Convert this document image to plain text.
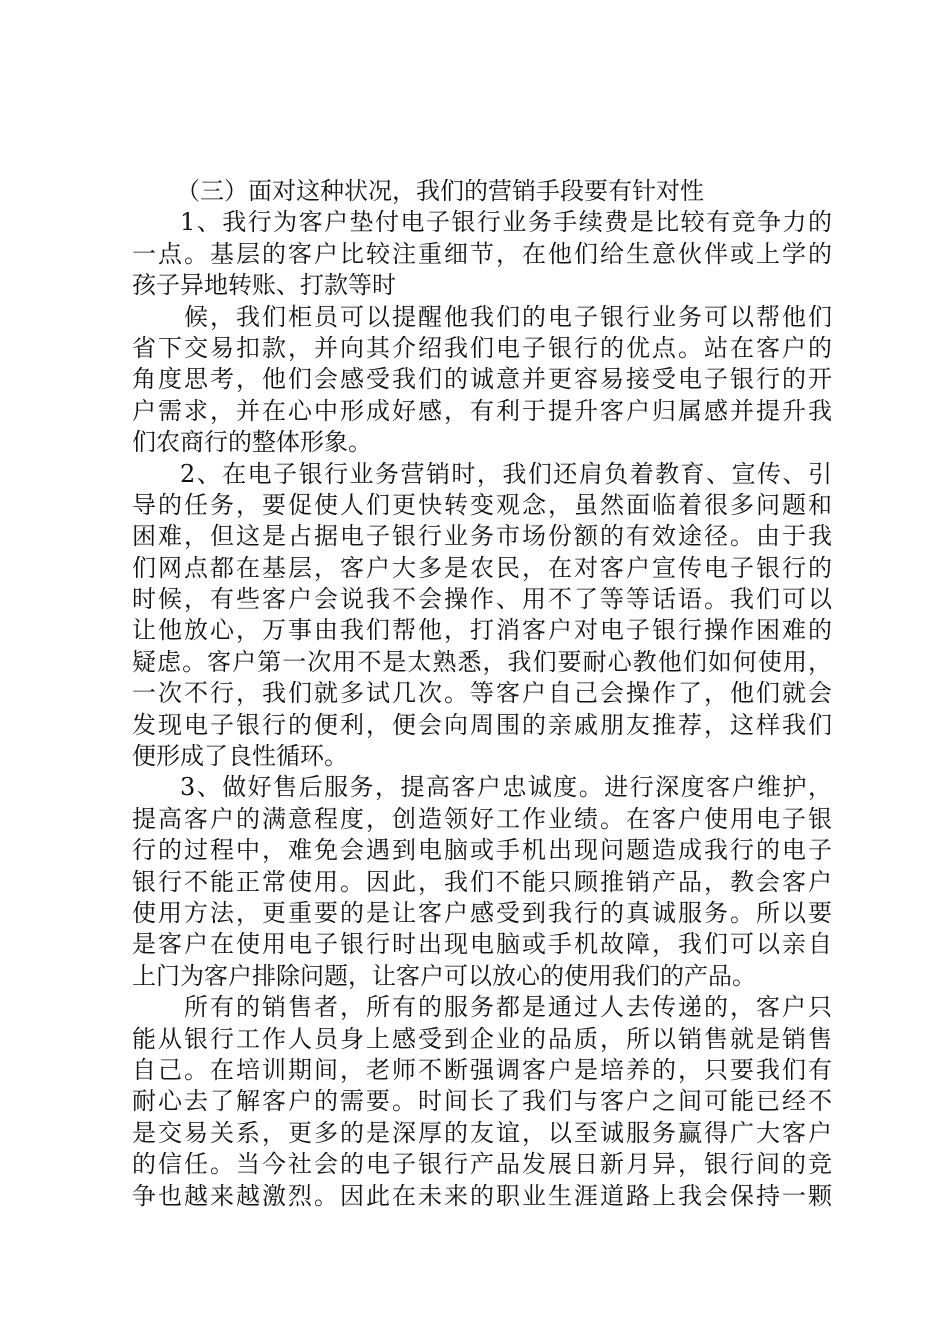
（三）面对这种状况，我们的营销手段要有针对性
1、我行为客户垫付电子银行业务手续费是比较有竞争力的
一点。基层的客户比较注重细节，在他们给生意伙伴或上学的
孩子异地转账、打款等时
候，我们柜员可以提醒他我们的电子银行业务可以帮他们
省下交易扣款，并向其介绍我们电子银行的优点。站在客户的
角度思考，他们会感受我们的诚意并更容易接受电子银行的开
户需求，并在心中形成好感，有利于提升客户归属感并提升我
们农商行的整体形象。
2、在电子银行业务营销时，我们还肩负着教育、宣传、引
导的任务，要促使人们更快转变观念，虽然面临着很多问题和
困难，但这是占据电子银行业务市场份额的有效途径。由于我
们网点都在基层，客户大多是农民，在对客户宣传电子银行的
时候，有些客户会说我不会操作、用不了等等话语。我们可以
让他放心，万事由我们帮他，打消客户对电子银行操作困难的
疑虑。客户第一次用不是太熟悉，我们要耐心教他们如何使用，
一次不行，我们就多试几次。等客户自己会操作了，他们就会
发现电子银行的便利，便会向周围的亲戚朋友推荐，这样我们
便形成了良性循环。
3、做好售后服务，提高客户忠诚度。进行深度客户维护，
提高客户的满意程度，创造领好工作业绩。在客户使用电子银
行的过程中，难免会遇到电脑或手机出现问题造成我行的电子
银行不能正常使用。因此，我们不能只顾推销产品，教会客户
使用方法，更重要的是让客户感受到我行的真诚服务。所以要
是客户在使用电子银行时出现电脑或手机故障，我们可以亲自
上门为客户排除问题，让客户可以放心的使用我们的产品。
所有的销售者，所有的服务都是通过人去传递的，客户只
能从银行工作人员身上感受到企业的品质，所以销售就是销售
自己。在培训期间，老师不断强调客户是培养的，只要我们有
耐心去了解客户的需要。时间长了我们与客户之间可能已经不
是交易关系，更多的是深厚的友谊，以至诚服务赢得广大客户
的信任。当今社会的电子银行产品发展日新月异，银行间的竞
争也越来越激烈。因此在未来的职业生涯道路上我会保持一颗
